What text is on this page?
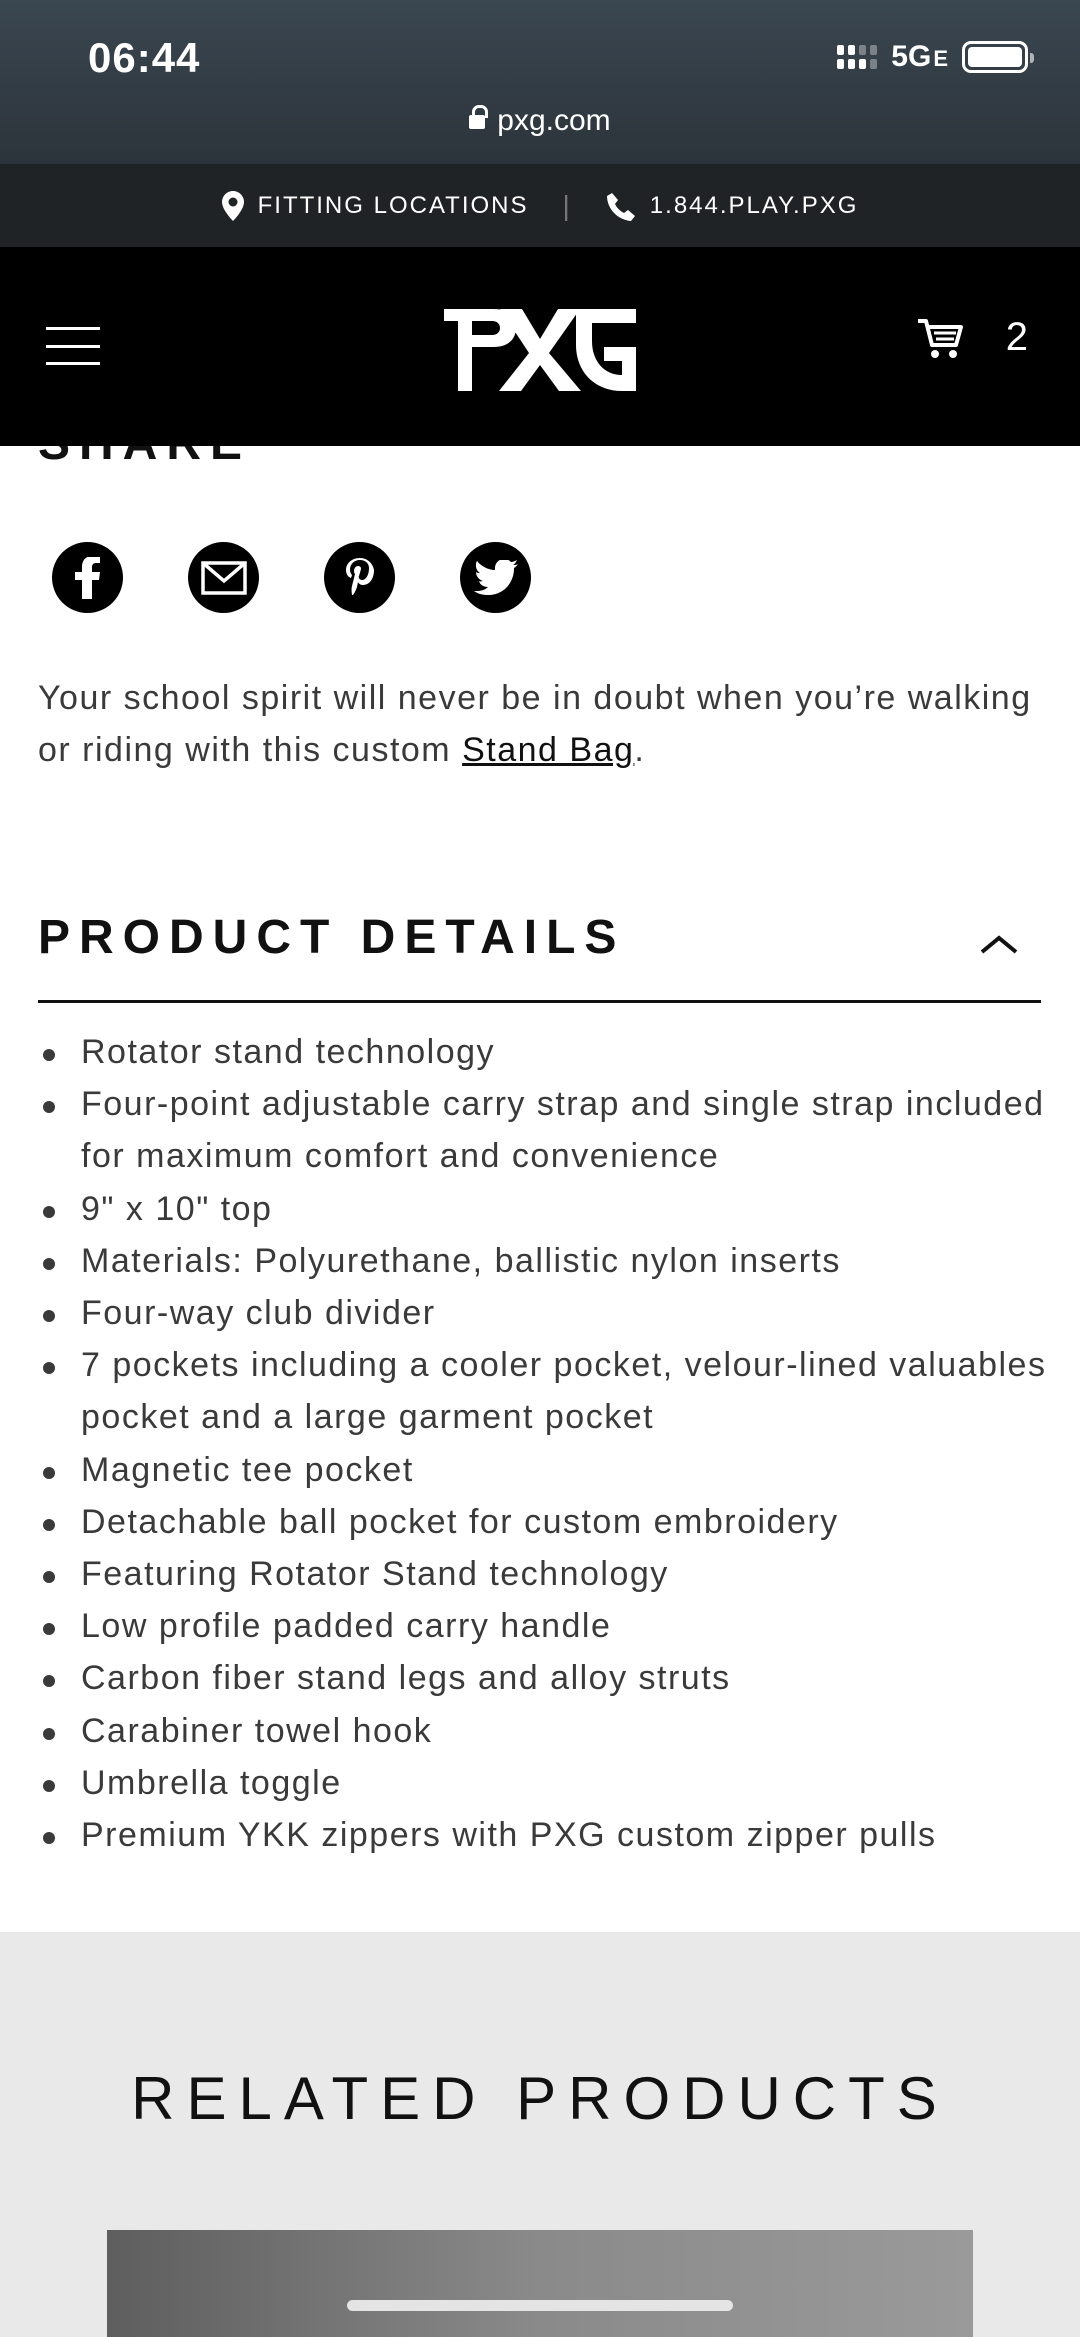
06:44	5GE
pxg.com
FITTING LOCATIONS |	1.844.PLAY.PXG
2
Your school spirit will never be in doubt when you’re walking or riding with this custom Stand Bag.
PRODUCT DETAILS
Rotator stand technology
Four-point adjustable carry strap and single strap included for maximum comfort and convenience
9" x 10" top
Materials: Polyurethane, ballistic nylon inserts
Four-way club divider
7 pockets including a cooler pocket, velour-lined valuables pocket and a large garment pocket
Magnetic tee pocket
Detachable ball pocket for custom embroidery
Featuring Rotator Stand technology
Low profile padded carry handle
Carbon fiber stand legs and alloy struts
Carabiner towel hook
Umbrella toggle
Premium YKK zippers with PXG custom zipper pulls
RELATED PRODUCTS
